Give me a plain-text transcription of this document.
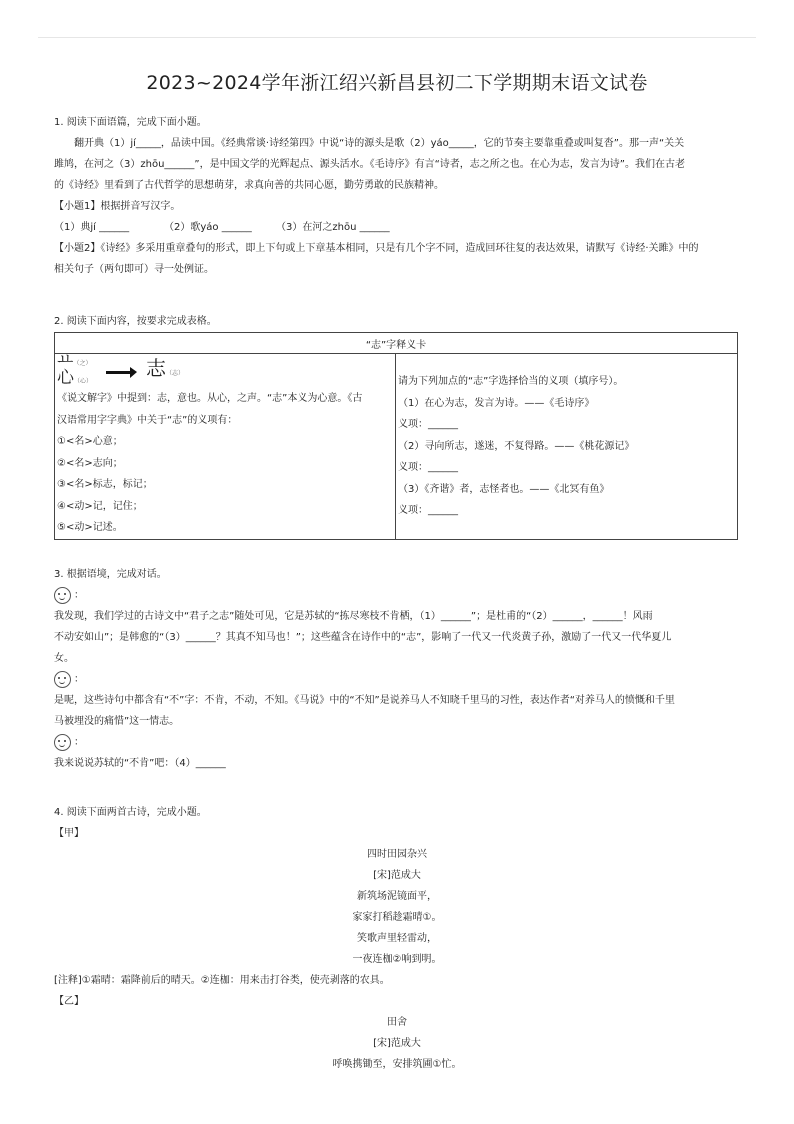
2023~2024学年浙江绍兴新昌县初二下学期期末语文试卷

1. 阅读下面语篇，完成下面小题。

翻开典（1）jí_____，品读中国。《经典常谈·诗经第四》中说“诗的源头是歌（2）yáo_____，它的节奏主要靠重叠或叫复沓”。那一声“关关

雎鸠，在河之（3）zhōu______”，是中国文学的光辉起点、源头活水。《毛诗序》有言“诗者，志之所之也。在心为志，发言为诗”。我们在古老

的《诗经》里看到了古代哲学的思想萌芽，求真向善的共同心愿，勤劳勇敢的民族精神。

【小题1】根据拼音写汉字。

（1）典jí ______	（2）歌yáo ______ （3）在河之zhōu ______

【小题2】《诗经》多采用重章叠句的形式，即上下句或上下章基本相同，只是有几个字不同，造成回环往复的表达效果，请默写《诗经·关雎》中的

相关句子（两句即可）寻一处例证。

2. 阅读下面内容，按要求完成表格。

“志”字释义卡

ㅛ（之）
心（心）
志（志）

《说文解字》中提到：志，意也。从心，之声。“志”本义为心意。《古

汉语常用字字典》中关于“志”的义项有：

①<名>心意；

②<名>志向；

③<名>标志，标记；

④<动>记，记住；

⑤<动>记述。

请为下列加点的“志”字选择恰当的义项（填序号）。

（1）在心为志，发言为诗。——《毛诗序》

义项：______

（2）寻向所志，遂迷，不复得路。——《桃花源记》

义项：______

（3）《齐谐》者，志怪者也。——《北冥有鱼》

义项：______

3. 根据语境，完成对话。

：

我发现，我们学过的古诗文中“君子之志”随处可见，它是苏轼的“拣尽寒枝不肯栖，（1）______”；是杜甫的“（2）______，______！风雨

不动安如山”；是韩愈的“（3）______？其真不知马也！”；这些蕴含在诗作中的“志”，影响了一代又一代炎黄子孙，激励了一代又一代华夏儿

女。

：

是呢，这些诗句中都含有“不”字：不肯，不动，不知。《马说》中的“不知”是说养马人不知晓千里马的习性，表达作者“对养马人的愤慨和千里

马被埋没的痛惜”这一情志。

：

我来说说苏轼的“不肯”吧：（4）______

4. 阅读下面两首古诗，完成小题。

【甲】

四时田园杂兴

[宋]范成大

新筑场泥镜面平，

家家打稻趁霜晴①。

笑歌声里轻雷动，

一夜连枷②响到明。

[注释]①霜晴：霜降前后的晴天。②连枷：用来击打谷类，使壳剥落的农具。

【乙】

田舍

[宋]范成大

呼唤携锄至，安排筑圃①忙。
